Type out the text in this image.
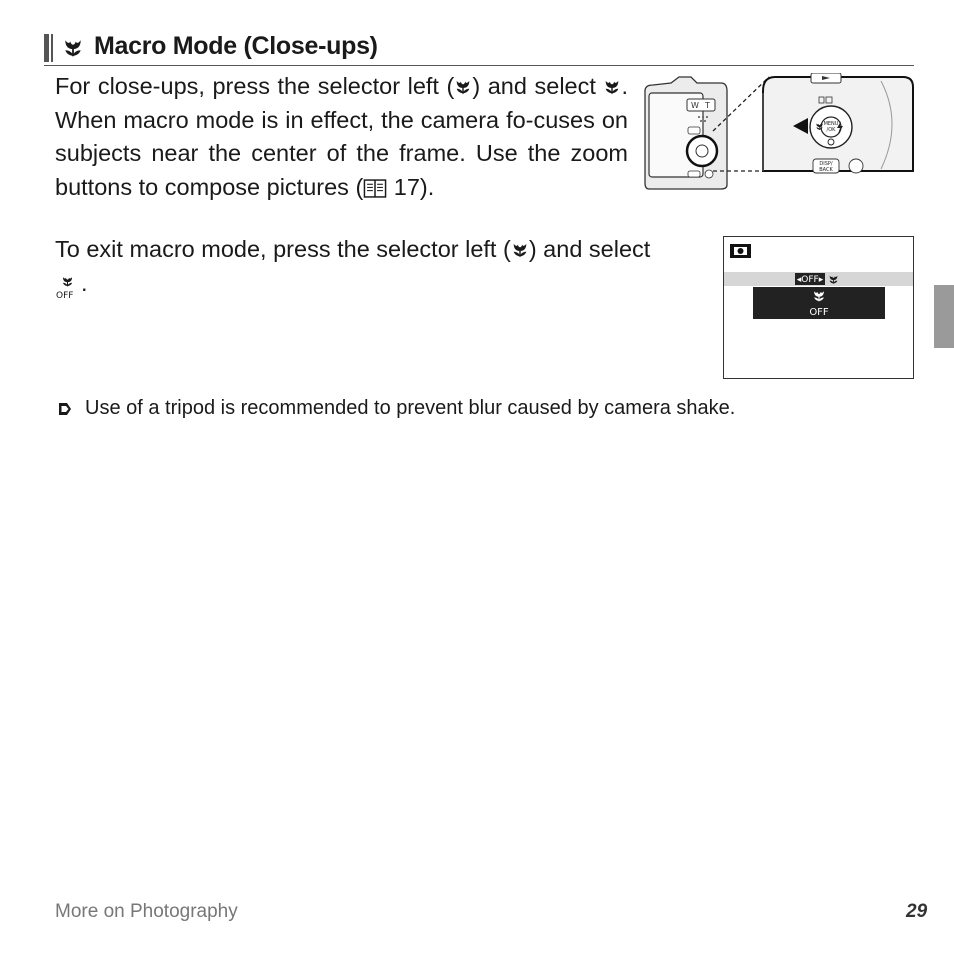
Macro Mode (Close-ups)
For close-ups, press the selector left ( ) and select . When macro mode is in effect, the camera fo-cuses on subjects near the center of the frame. Use the zoom buttons to compose pictures ( 17).
W T
MENU
/OK
DISP/
BACK
To exit macro mode, press the selector left ( ) and select

OFF .	◂OFF▸
OFF
Use of a tripod is recommended to prevent blur caused by camera shake.
More on Photography	29
